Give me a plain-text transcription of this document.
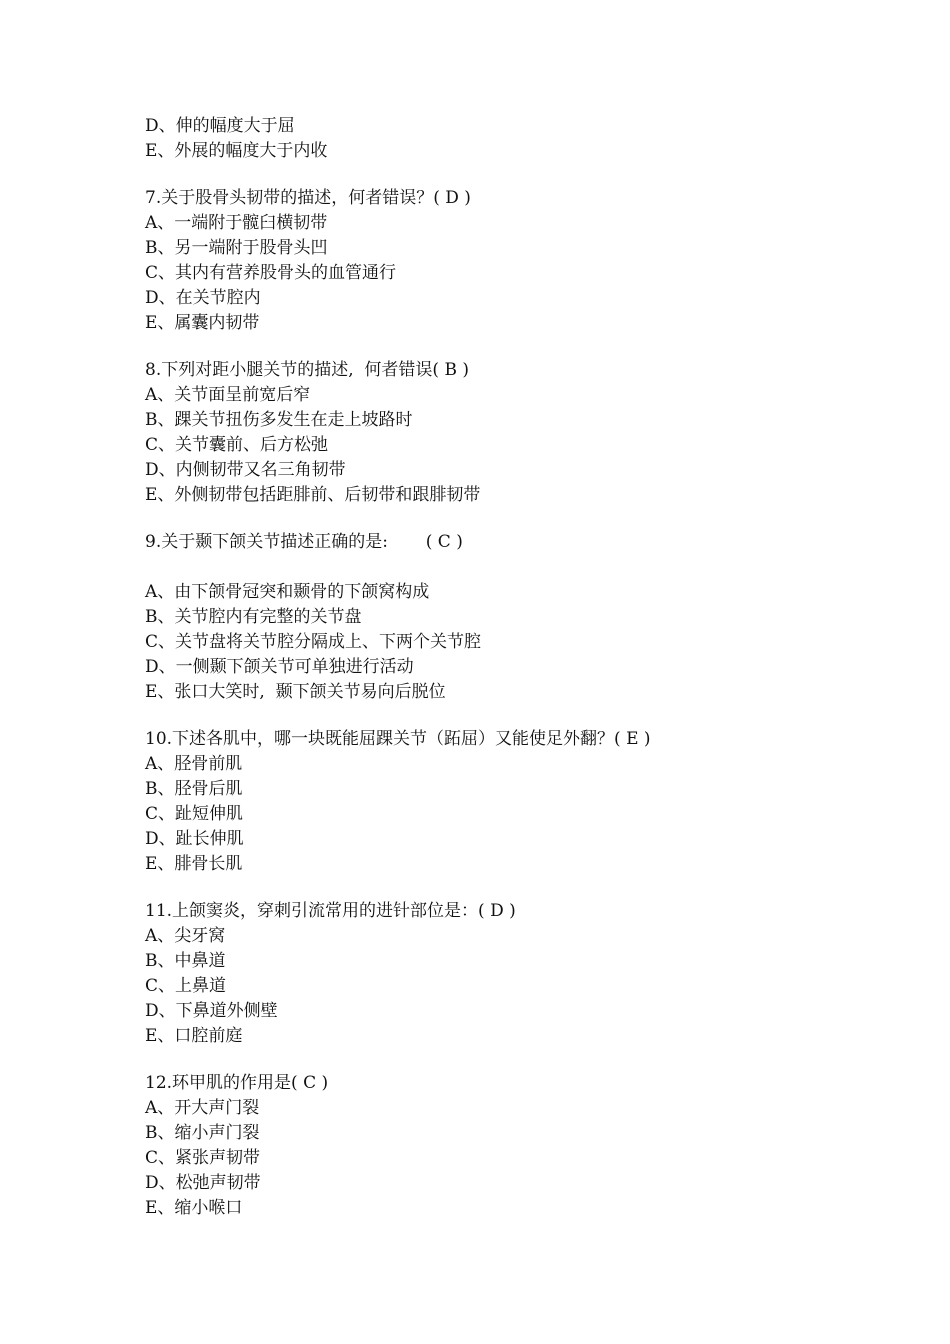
D、伸的幅度大于屈
E、外展的幅度大于内收
7.关于股骨头韧带的描述，何者错误？( D )
A、一端附于髋臼横韧带
B、另一端附于股骨头凹
C、其内有营养股骨头的血管通行
D、在关节腔内
E、属囊内韧带
8.下列对距小腿关节的描述,  何者错误( B )
A、关节面呈前宽后窄
B、踝关节扭伤多发生在走上坡路时
C、关节囊前、后方松弛
D、内侧韧带又名三角韧带
E、外侧韧带包括距腓前、后韧带和跟腓韧带
9.关于颞下颌关节描述正确的是:       ( C )
A、由下颌骨冠突和颞骨的下颌窝构成
B、关节腔内有完整的关节盘
C、关节盘将关节腔分隔成上、下两个关节腔
D、一侧颞下颌关节可单独进行活动
E、张口大笑时,  颞下颌关节易向后脱位
10.下述各肌中，哪一块既能屈踝关节（跖屈）又能使足外翻？( E )
A、胫骨前肌
B、胫骨后肌
C、趾短伸肌
D、趾长伸肌
E、腓骨长肌
11.上颌窦炎，穿刺引流常用的进针部位是：( D )
A、尖牙窝
B、中鼻道
C、上鼻道
D、下鼻道外侧壁
E、口腔前庭
12.环甲肌的作用是( C )
A、开大声门裂
B、缩小声门裂
C、紧张声韧带
D、松弛声韧带
E、缩小喉口
